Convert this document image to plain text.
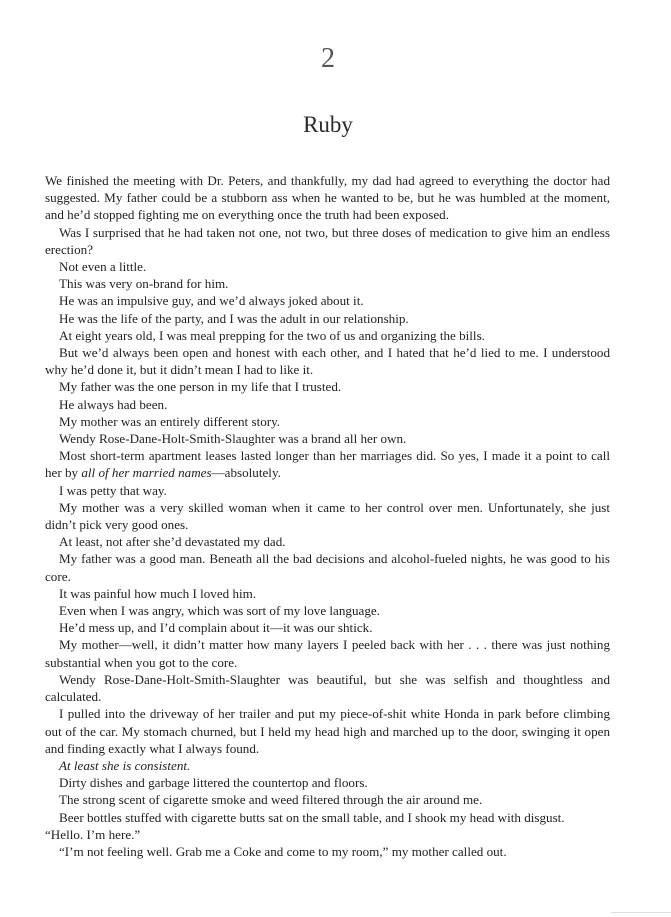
2
Ruby

We finished the meeting with Dr. Peters, and thankfully, my dad had agreed to everything the doctor had suggested. My father could be a stubborn ass when he wanted to be, but he was humbled at the moment, and he’d stopped fighting me on everything once the truth had been exposed.

Was I surprised that he had taken not one, not two, but three doses of medication to give him an endless erection?

Not even a little.

This was very on-brand for him.

He was an impulsive guy, and we’d always joked about it.

He was the life of the party, and I was the adult in our relationship.

At eight years old, I was meal prepping for the two of us and organizing the bills.

But we’d always been open and honest with each other, and I hated that he’d lied to me. I understood why he’d done it, but it didn’t mean I had to like it.

My father was the one person in my life that I trusted.

He always had been.

My mother was an entirely different story.

Wendy Rose-Dane-Holt-Smith-Slaughter was a brand all her own.

Most short-term apartment leases lasted longer than her marriages did. So yes, I made it a point to call her by all of her married names—absolutely.

I was petty that way.

My mother was a very skilled woman when it came to her control over men. Unfortunately, she just didn’t pick very good ones.

At least, not after she’d devastated my dad.

My father was a good man. Beneath all the bad decisions and alcohol-fueled nights, he was good to his core.

It was painful how much I loved him.

Even when I was angry, which was sort of my love language.

He’d mess up, and I’d complain about it—it was our shtick.

My mother—well, it didn’t matter how many layers I peeled back with her . . . there was just nothing substantial when you got to the core.

Wendy Rose-Dane-Holt-Smith-Slaughter was beautiful, but she was selfish and thoughtless and calculated.

I pulled into the driveway of her trailer and put my piece-of-shit white Honda in park before climbing out of the car. My stomach churned, but I held my head high and marched up to the door, swinging it open and finding exactly what I always found.

At least she is consistent.

Dirty dishes and garbage littered the countertop and floors.

The strong scent of cigarette smoke and weed filtered through the air around me.

Beer bottles stuffed with cigarette butts sat on the small table, and I shook my head with disgust.

“Hello. I’m here.”

“I’m not feeling well. Grab me a Coke and come to my room,” my mother called out.
